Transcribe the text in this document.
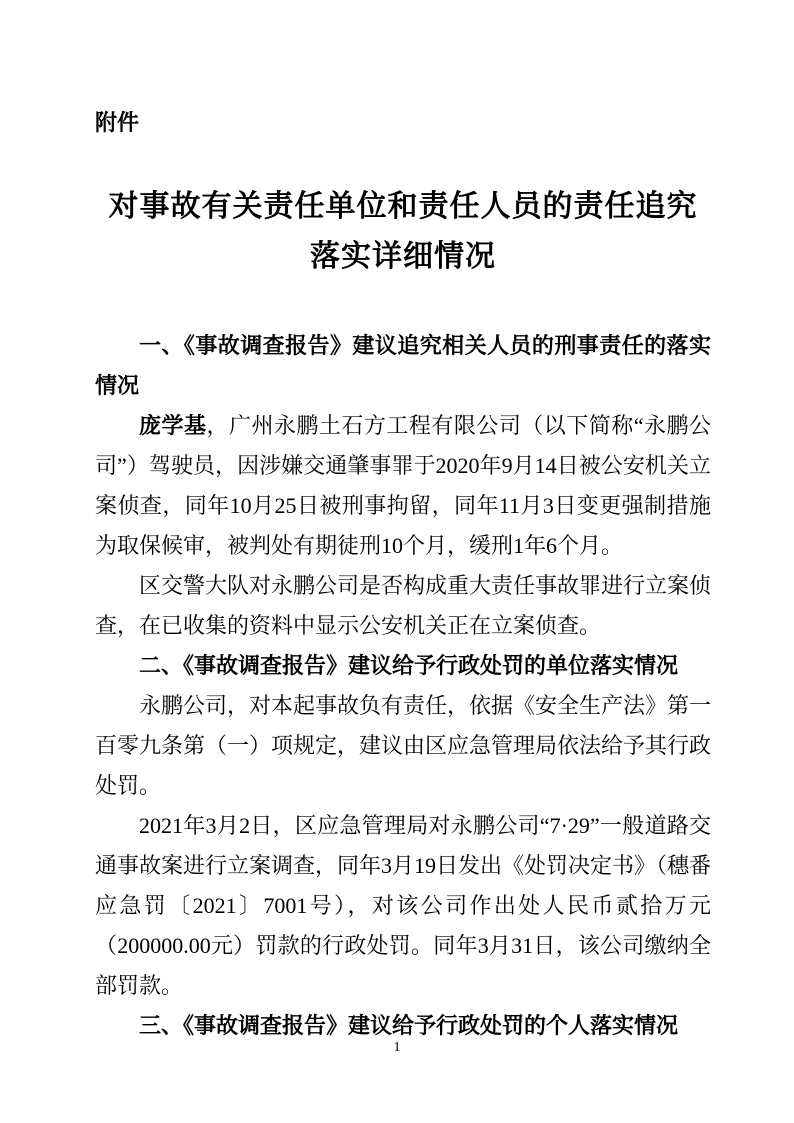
附件
对事故有关责任单位和责任人员的责任追究
落实详细情况

一、《事故调查报告》建议追究相关人员的刑事责任的落实情况

庞学基，广州永鹏土石方工程有限公司（以下简称“永鹏公司”）驾驶员，因涉嫌交通肇事罪于2020年9月14日被公安机关立案侦查，同年10月25日被刑事拘留，同年11月3日变更强制措施为取保候审，被判处有期徒刑10个月，缓刑1年6个月。

区交警大队对永鹏公司是否构成重大责任事故罪进行立案侦查，在已收集的资料中显示公安机关正在立案侦查。

二、《事故调查报告》建议给予行政处罚的单位落实情况

永鹏公司，对本起事故负有责任，依据《安全生产法》第一百零九条第（一）项规定，建议由区应急管理局依法给予其行政处罚。

2021年3月2日，区应急管理局对永鹏公司“7·29”一般道路交通事故案进行立案调查，同年3月19日发出《处罚决定书》（穗番应急罚〔2021〕7001号），对该公司作出处人民币贰拾万元（200000.00元）罚款的行政处罚。同年3月31日，该公司缴纳全部罚款。

三、《事故调查报告》建议给予行政处罚的个人落实情况

1
